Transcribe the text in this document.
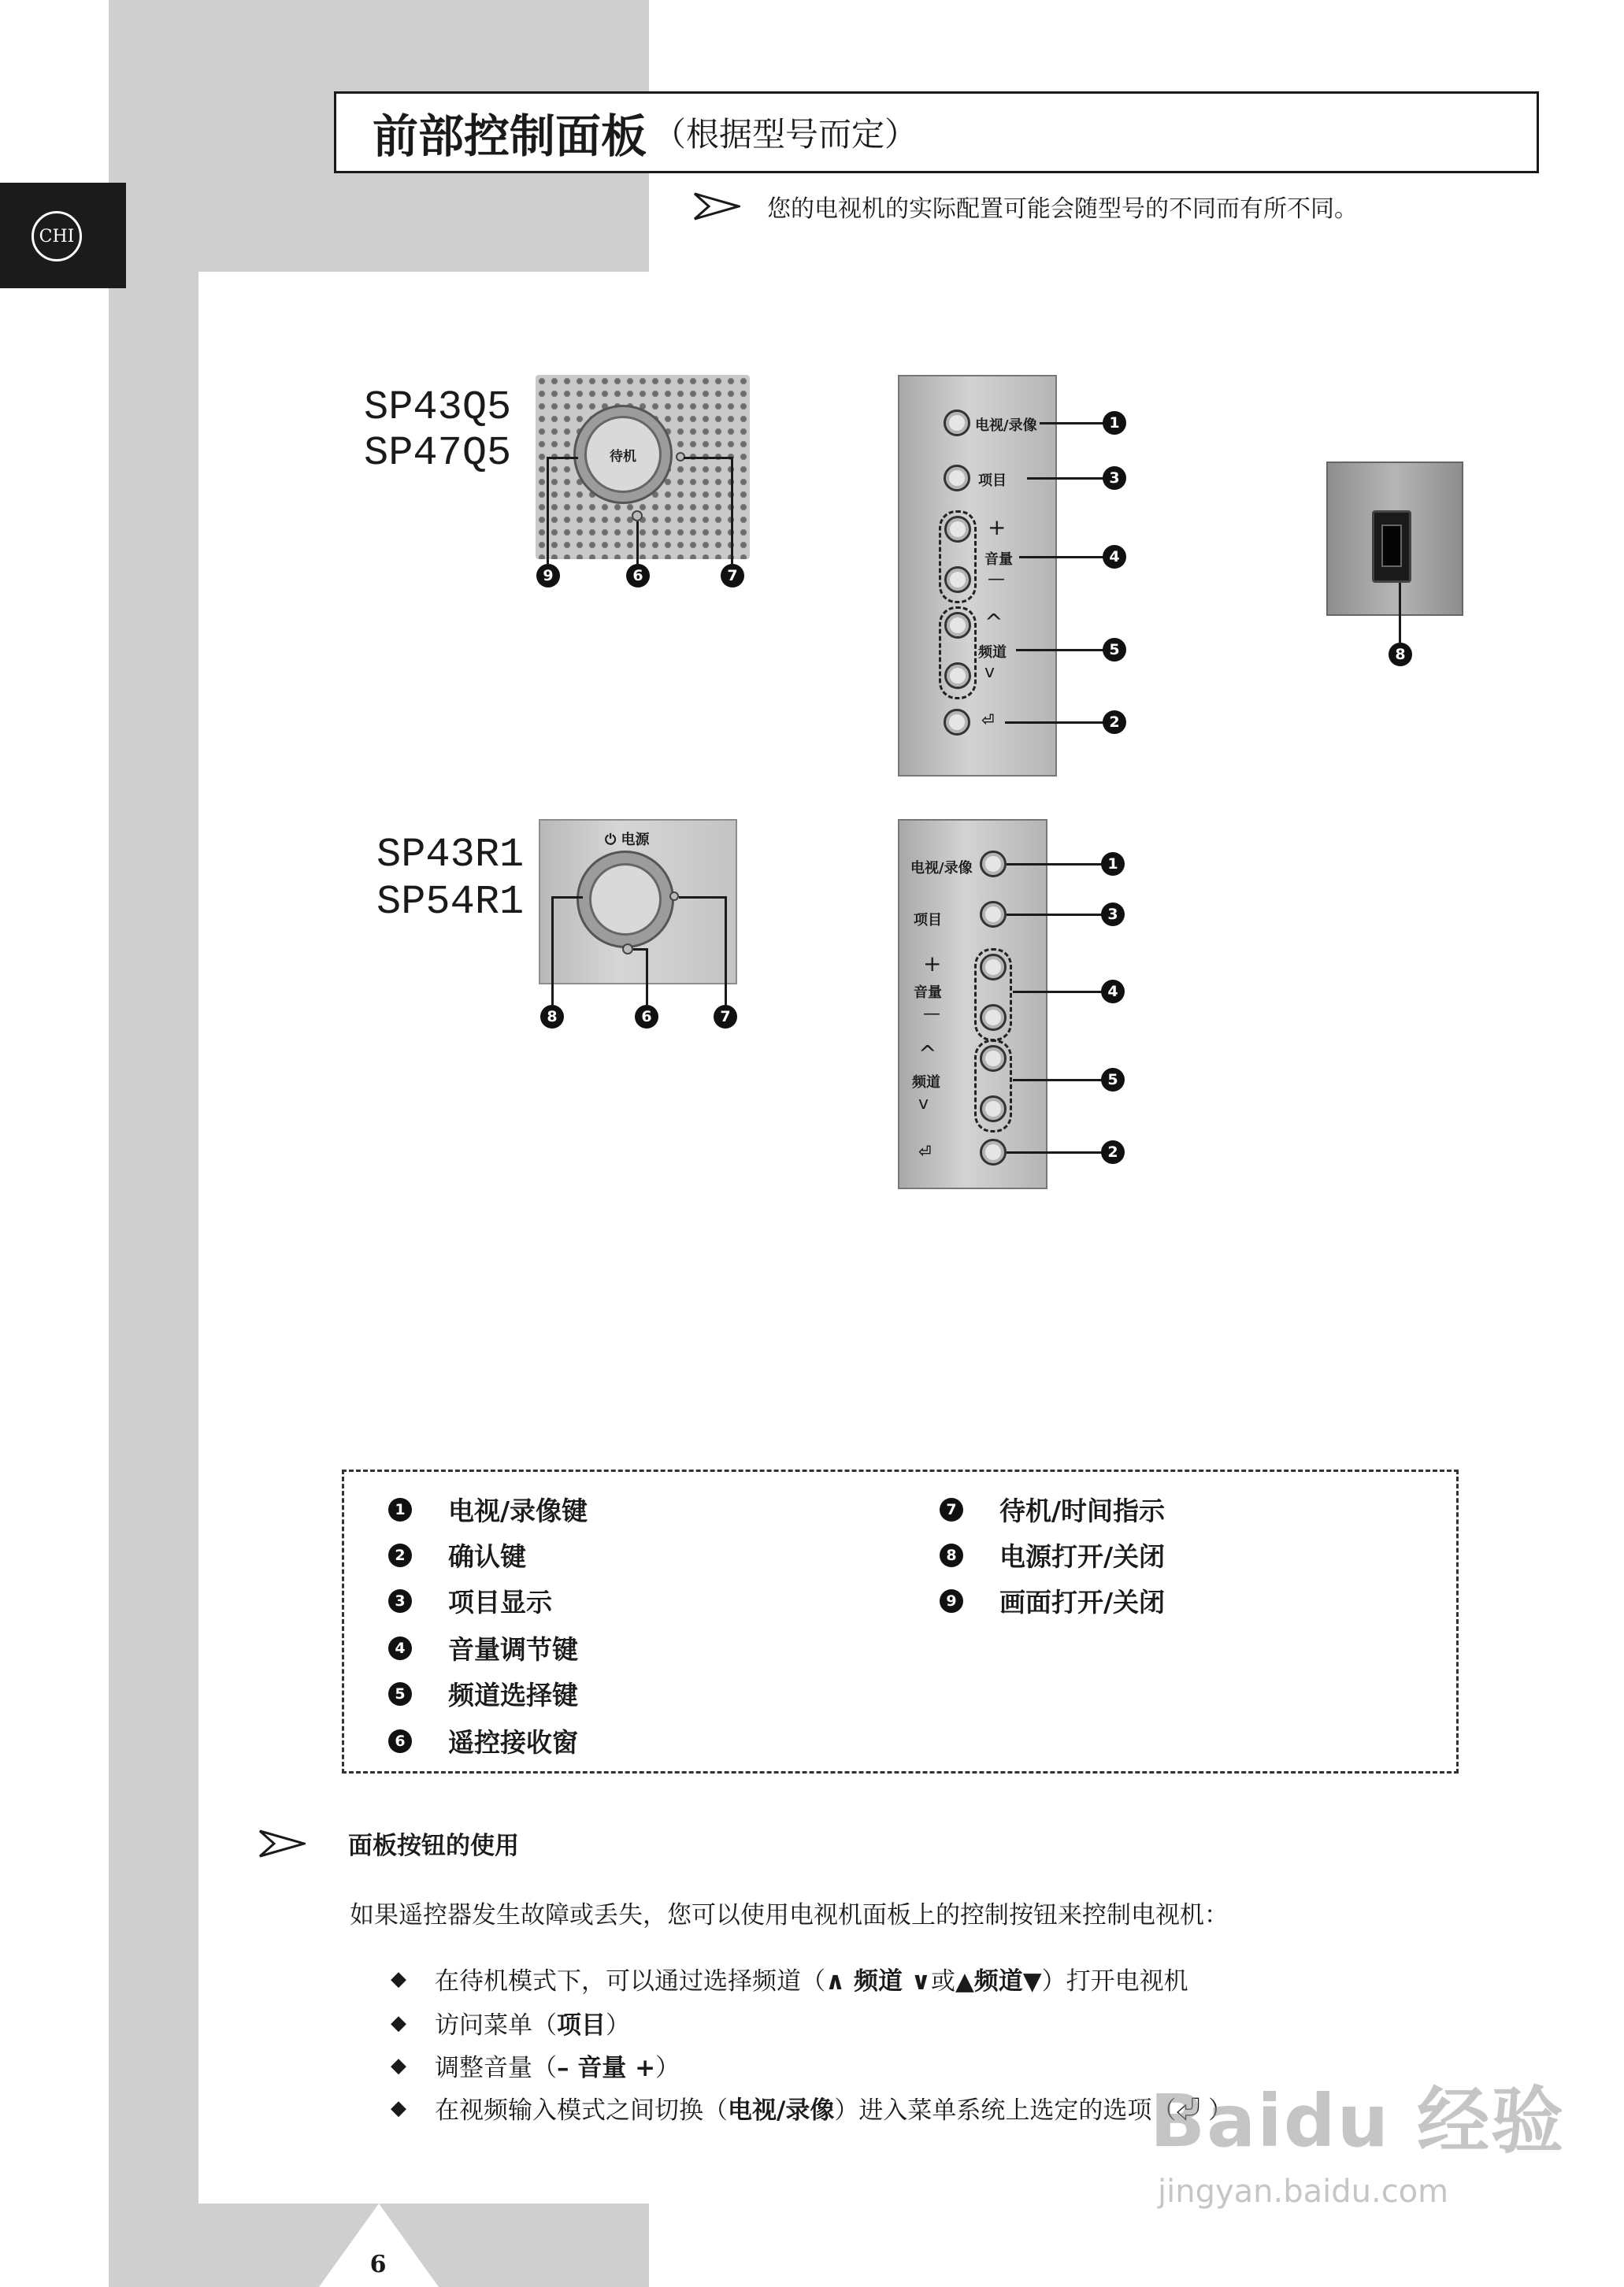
6
CHI
前部控制面板 （根据型号而定）
您的电视机的实际配置可能会随型号的不同而有所不同。
SP43Q5
SP47Q5
SP43R1
SP54R1
待机
9	6	7
⏻ 电源
8	6	7
电视/录像	1
项目	3
+
音量
—
4
^
频道
v
5
⏎	2
电视/录像	1
项目	3
+
音量
—
4
^
频道
v
5
⏎	2
8
1 电视/录像键
2 确认键
3 项目显示
4 音量调节键
5 频道选择键
6 遥控接收窗
7 待机/时间指示
8 电源打开/关闭
9 画面打开/关闭
面板按钮的使用
如果遥控器发生故障或丢失，您可以使用电视机面板上的控制按钮来控制电视机：
◆ 在待机模式下，可以通过选择频道（ ∧ 频道 ∨ 或 ▲频道▼ ）打开电视机
◆ 访问菜单（ 项目 ）
◆ 调整音量（ – 音量 + ）
◆ 在视频输入模式之间切换（ 电视/录像 ）进入菜单系统上选定的选项（⏎ ）
Baidu 经验
jingyan.baidu.com
